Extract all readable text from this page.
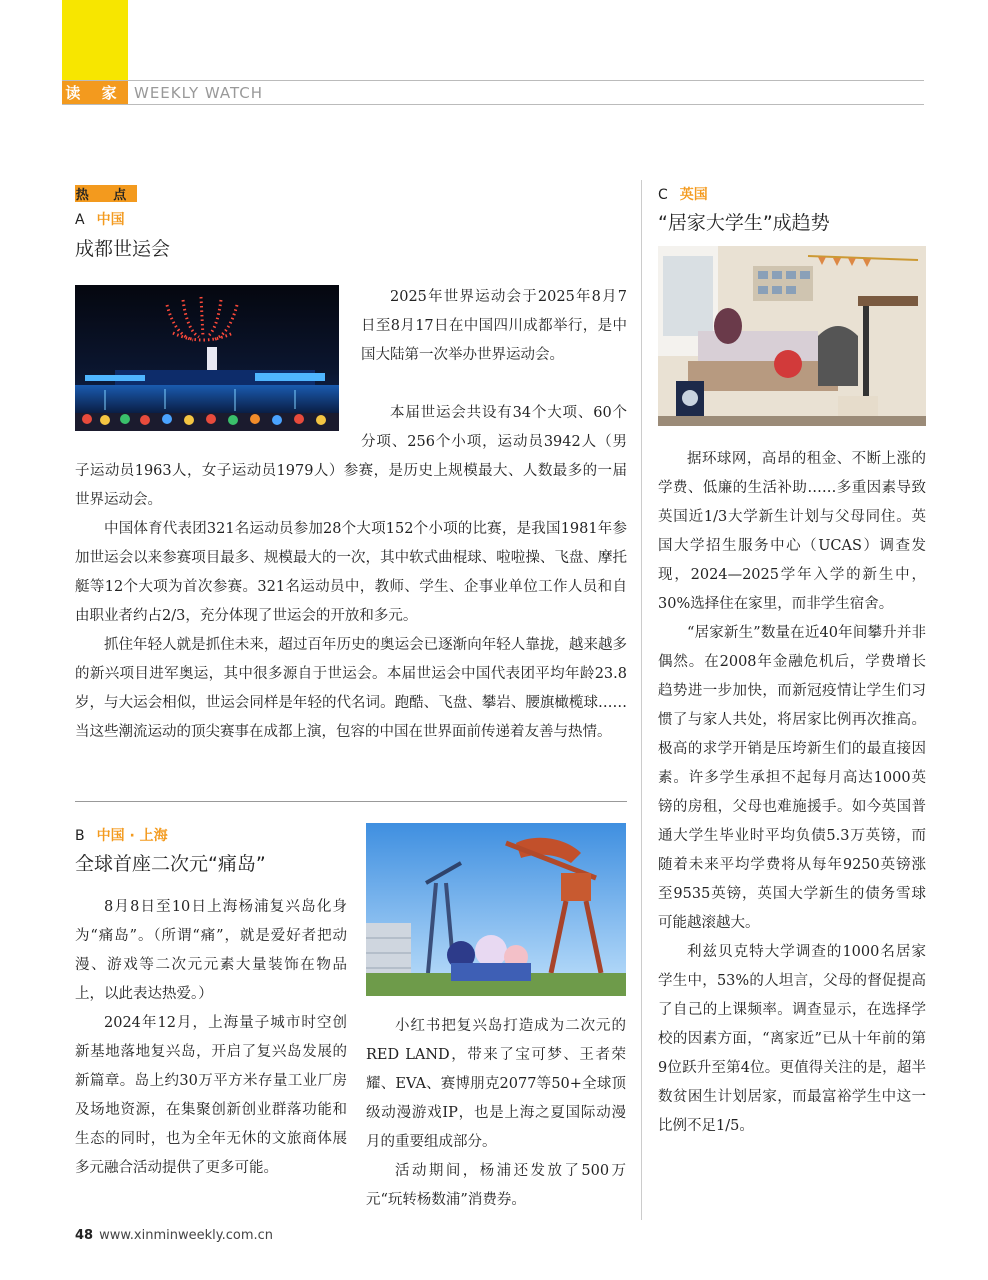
读 家 WEEKLY WATCH
热 点
A 中国
成都世运会

2025年世界运动会于2025年8月7日至8月17日在中国四川成都举行，是中国大陆第一次举办世界运动会。

本届世运会共设有34个大项、60个分项、256个小项，运动员3942人（男子运动员1963人，女子运动员1979人）参赛，是历史上规模最大、人数最多的一届世界运动会。

中国体育代表团321名运动员参加28个大项152个小项的比赛，是我国1981年参加世运会以来参赛项目最多、规模最大的一次，其中软式曲棍球、啦啦操、飞盘、摩托艇等12个大项为首次参赛。321名运动员中，教师、学生、企事业单位工作人员和自由职业者约占2/3，充分体现了世运会的开放和多元。

抓住年轻人就是抓住未来，超过百年历史的奥运会已逐渐向年轻人靠拢，越来越多的新兴项目进军奥运，其中很多源自于世运会。本届世运会中国代表团平均年龄23.8岁，与大运会相似，世运会同样是年轻的代名词。跑酷、飞盘、攀岩、腰旗橄榄球……当这些潮流运动的顶尖赛事在成都上演，包容的中国在世界面前传递着友善与热情。

B 中国 · 上海
全球首座二次元“痛岛”

8月8日至10日上海杨浦复兴岛化身为“痛岛”。（所谓“痛”，就是爱好者把动漫、游戏等二次元元素大量装饰在物品上，以此表达热爱。）

2024年12月，上海量子城市时空创新基地落地复兴岛，开启了复兴岛发展的新篇章。岛上约30万平方米存量工业厂房及场地资源，在集聚创新创业群落功能和生态的同时，也为全年无休的文旅商体展多元融合活动提供了更多可能。

小红书把复兴岛打造成为二次元的RED LAND，带来了宝可梦、王者荣耀、EVA、赛博朋克2077等50+全球顶级动漫游戏IP，也是上海之夏国际动漫月的重要组成部分。

活动期间，杨浦还发放了500万元“玩转杨数浦”消费券。

C 英国
“居家大学生”成趋势

据环球网，高昂的租金、不断上涨的学费、低廉的生活补助……多重因素导致英国近1/3大学新生计划与父母同住。英国大学招生服务中心（UCAS）调查发现，2024—2025学年入学的新生中，30%选择住在家里，而非学生宿舍。

“居家新生”数量在近40年间攀升并非偶然。在2008年金融危机后，学费增长趋势进一步加快，而新冠疫情让学生们习惯了与家人共处，将居家比例再次推高。极高的求学开销是压垮新生们的最直接因素。许多学生承担不起每月高达1000英镑的房租，父母也难施援手。如今英国普通大学生毕业时平均负债5.3万英镑，而随着未来平均学费将从每年9250英镑涨至9535英镑，英国大学新生的债务雪球可能越滚越大。

利兹贝克特大学调查的1000名居家学生中，53%的人坦言，父母的督促提高了自己的上课频率。调查显示，在选择学校的因素方面，“离家近”已从十年前的第9位跃升至第4位。更值得关注的是，超半数贫困生计划居家，而最富裕学生中这一比例不足1/5。

48 www.xinminweekly.com.cn
